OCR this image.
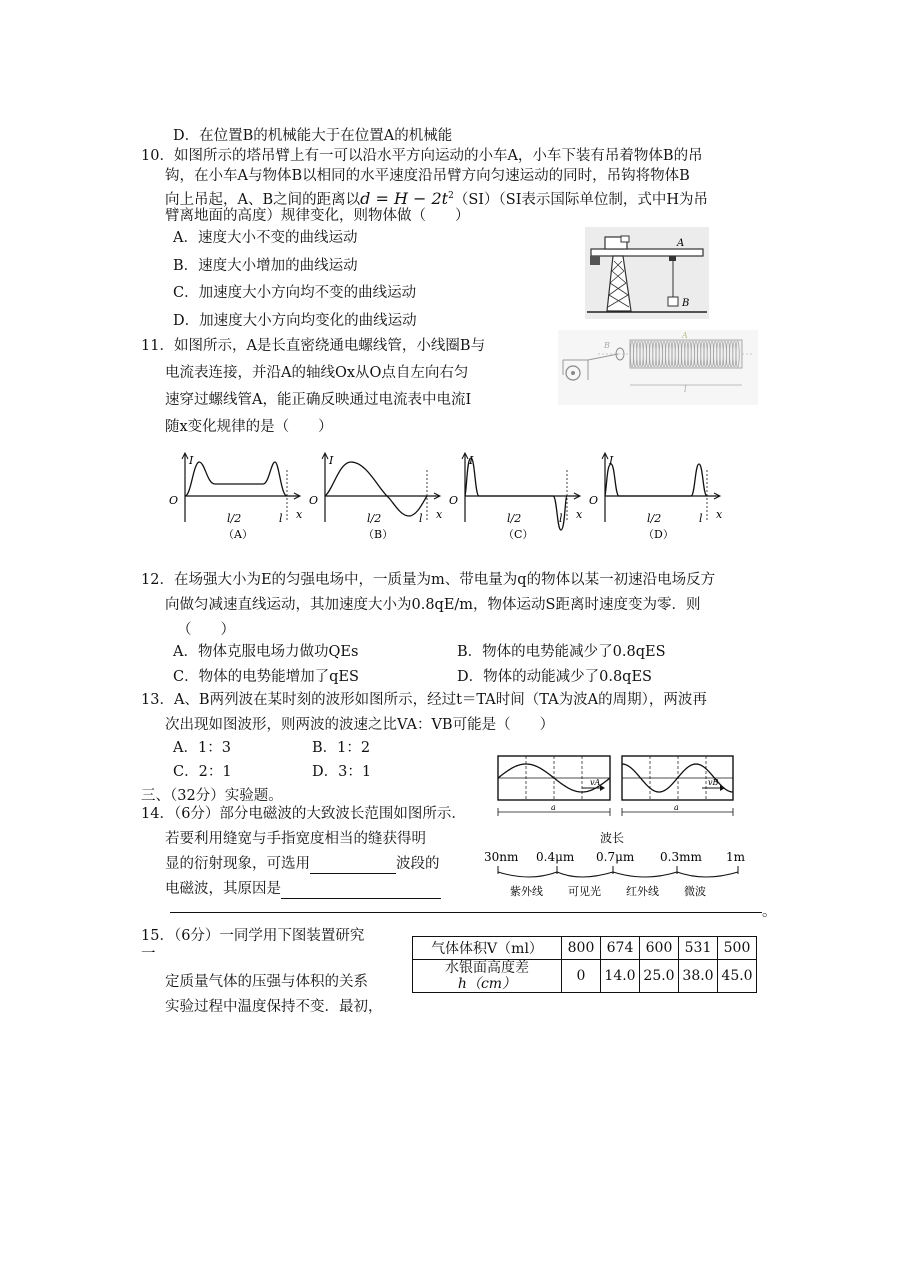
D．在位置B的机械能大于在位置A的机械能
10．如图所示的塔吊臂上有一可以沿水平方向运动的小车A，小车下装有吊着物体B的吊
钩，在小车A与物体B以相同的水平速度沿吊臂方向匀速运动的同时，吊钩将物体B
向上吊起，A、B之间的距离以$d = H - 2t^2(SI)(SI$表示国际单位制，式中H为吊
臂离地面的高度）规律变化，则物体做（　　）
A．速度大小不变的曲线运动
B．速度大小增加的曲线运动
C．加速度大小方向均不变的曲线运动
D．加速度大小方向均变化的曲线运动
A
B
11．如图所示，A是长直密绕通电螺线管，小线圈B与
电流表连接，并沿A的轴线Ox从O点自左向右匀
速穿过螺线管A，能正确反映通过电流表中电流I
随x变化规律的是（　　）
B
A
l
I
O
x
l/2	l
（A）
I
O
x
l/2	l
（B）
I
O
x
l/2	l
（C）
I
O
x
l/2	l
（D）
12．在场强大小为E的匀强电场中，一质量为m、带电量为q的物体以某一初速沿电场反方
向做匀减速直线运动，其加速度大小为0.8qE/m，物体运动S距离时速度变为零．则
（　　）
A．物体克服电场力做功QEs	B．物体的电势能减少了0.8qES
C．物体的电势能增加了qES	D．物体的动能减少了0.8qES
13．A、B两列波在某时刻的波形如图所示，经过t＝TA时间（TA为波A的周期），两波再
次出现如图波形，则两波的波速之比VA：VB可能是（　　）
A．1：3	B．1：2
C．2：1	D．3：1
vA	vB
a	a
三、（32分）实验题。
14．（6分）部分电磁波的大致波长范围如图所示．
若要利用缝宽与手指宽度相当的缝获得明
显的衍射现象，可选用	波段的
电磁波，其原因是
。
波长
30nm 0.4μm 0.7μm 0.3mm 1m
紫外线 可见光 红外线 微波
15．（6分）一同学用下图装置研究
一
定质量气体的压强与体积的关系
实验过程中温度保持不变．最初，
气体体积V（ml）	800	674	600	531	500

水银面高度差
h（cm）	0	14.0	25.0	38.0	45.0
